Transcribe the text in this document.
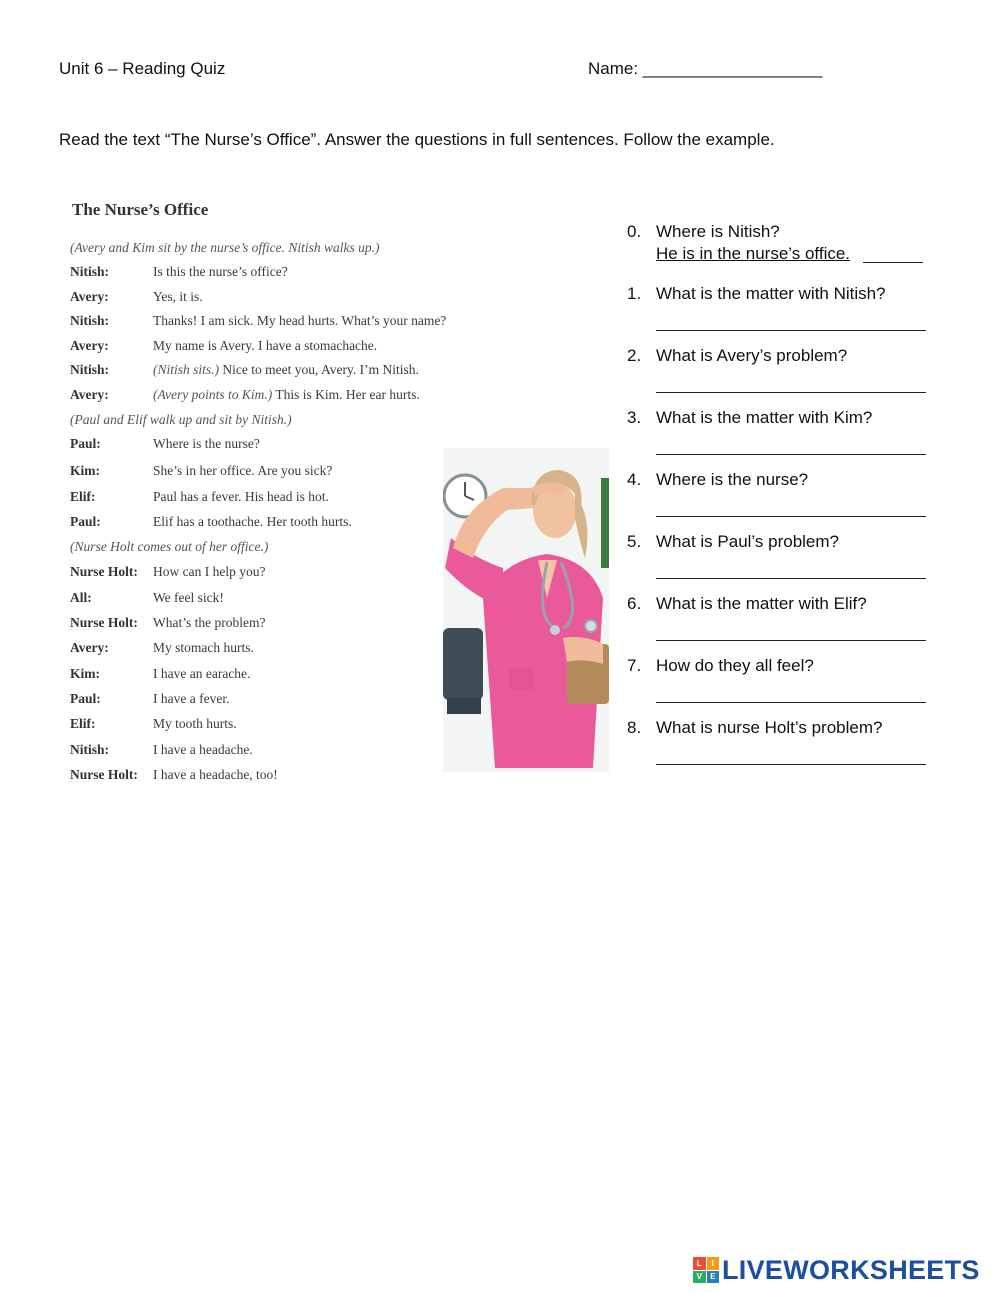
Unit 6 – Reading Quiz	Name: ___________________
Read the text “The Nurse’s Office”. Answer the questions in full sentences. Follow the example.
The Nurse’s Office
(Avery and Kim sit by the nurse’s office. Nitish walks up.)
Nitish:	Is this the nurse’s office?
Avery:	Yes, it is.
Nitish:	Thanks! I am sick. My head hurts. What’s your name?
Avery:	My name is Avery. I have a stomachache.
Nitish:	(Nitish sits.) Nice to meet you, Avery. I’m Nitish.
Avery:	(Avery points to Kim.) This is Kim. Her ear hurts.
(Paul and Elif walk up and sit by Nitish.)
Paul:	Where is the nurse?
Kim:	She’s in her office. Are you sick?
Elif:	Paul has a fever. His head is hot.
Paul:	Elif has a toothache. Her tooth hurts.
(Nurse Holt comes out of her office.)
Nurse Holt: How can I help you?
All:	We feel sick!
Nurse Holt: What’s the problem?
Avery:	My stomach hurts.
Kim:	I have an earache.
Paul:	I have a fever.
Elif:	My tooth hurts.
Nitish:	I have a headache.
Nurse Holt: I have a headache, too!
0. Where is Nitish?
He is in the nurse’s office.
1. What is the matter with Nitish?
2. What is Avery’s problem?
3. What is the matter with Kim?
4. Where is the nurse?
5. What is Paul’s problem?
6. What is the matter with Elif?
7. How do they all feel?
8. What is nurse Holt’s problem?
L	I
V	E LIVEWORKSHEETS
